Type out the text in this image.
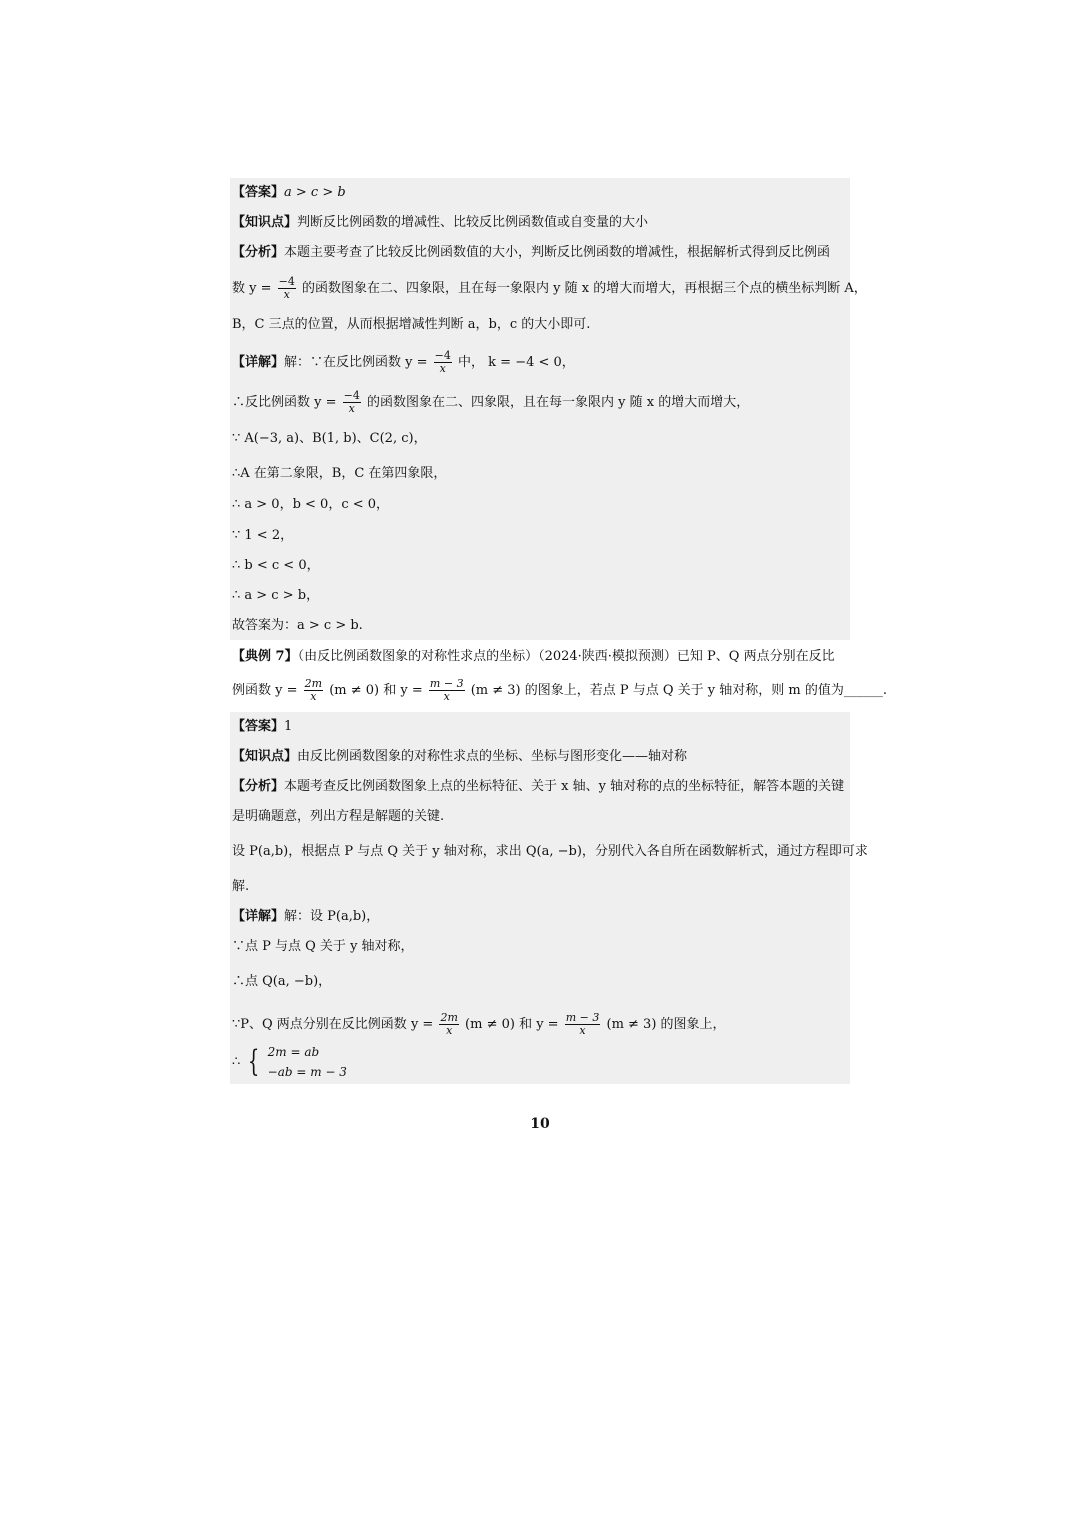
【答案】a > c > b
【知识点】判断反比例函数的增减性、比较反比例函数值或自变量的大小
【分析】本题主要考查了比较反比例函数值的大小，判断反比例函数的增减性，根据解析式得到反比例函
数 $y = \frac{-4}{x}$ 的函数图象在二、四象限，且在每一象限内 y 随 x 的增大而增大，再根据三个点的横坐标判断 A，
B，C 三点的位置，从而根据增减性判断 a，b，c 的大小即可.
【详解】解：∵在反比例函数 $y = \frac{-4}{x}$ 中， k = −4 < 0，
∴反比例函数 $y = \frac{-4}{x}$ 的函数图象在二、四象限，且在每一象限内 y 随 x 的增大而增大，
∵ A(−3, a)、B(1, b)、C(2, c)，
∴A 在第二象限，B，C 在第四象限，
∴ a > 0，b < 0，c < 0，
∵ 1 < 2，
∴ b < c < 0，
∴ a > c > b，
故答案为：a > c > b.
【典例 7】（由反比例函数图象的对称性求点的坐标）（2024·陕西·模拟预测）已知 P、Q 两点分别在反比
例函数 $y = \frac{2m}{x} (m \ne 0)$ 和 $y = \frac{m - 3}{x} (m \ne 3)$ 的图象上，若点 P 与点 Q 关于 y 轴对称，则 m 的值为______.
【答案】1
【知识点】由反比例函数图象的对称性求点的坐标、坐标与图形变化——轴对称
【分析】本题考查反比例函数图象上点的坐标特征、关于 x 轴、y 轴对称的点的坐标特征，解答本题的关键
是明确题意，列出方程是解题的关键.
设 P(a,b)，根据点 P 与点 Q 关于 y 轴对称，求出 Q(a, −b)，分别代入各自所在函数解析式，通过方程即可求
解.
【详解】解：设 P(a,b)，
∵点 P 与点 Q 关于 y 轴对称，
∴点 Q(a, −b)，
∵P、Q 两点分别在反比例函数 $y = \frac{2m}{x} (m \ne 0)$ 和 $y = \frac{m - 3}{x} (m \ne 3)$ 的图象上，
∴ { 2m = ab
−ab = m − 3
10
